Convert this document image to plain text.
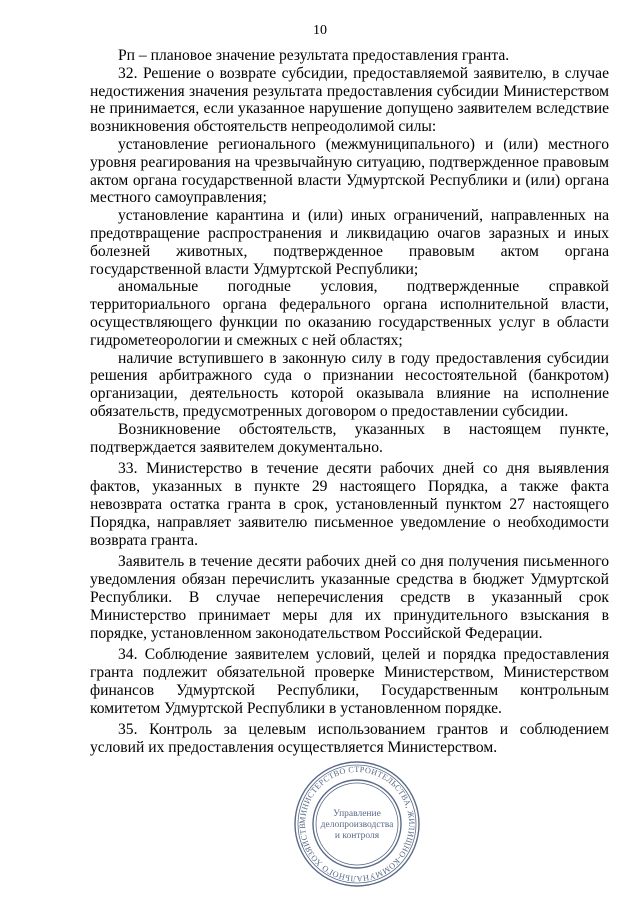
10

Pп – плановое значение результата предоставления гранта.

32. Решение о возврате субсидии, предоставляемой заявителю, в случае недостижения значения результата предоставления субсидии Министерством не принимается, если указанное нарушение допущено заявителем вследствие возникновения обстоятельств непреодолимой силы:

установление регионального (межмуниципального) и (или) местного уровня реагирования на чрезвычайную ситуацию, подтвержденное правовым актом органа государственной власти Удмуртской Республики и (или) органа местного самоуправления;

установление карантина и (или) иных ограничений, направленных на предотвращение распространения и ликвидацию очагов заразных и иных болезней животных, подтвержденное правовым актом органа государственной власти Удмуртской Республики;

аномальные погодные условия, подтвержденные справкой территориального органа федерального органа исполнительной власти, осуществляющего функции по оказанию государственных услуг в области гидрометеорологии и смежных с ней областях;

наличие вступившего в законную силу в году предоставления субсидии решения арбитражного суда о признании несостоятельной (банкротом) организации, деятельность которой оказывала влияние на исполнение обязательств, предусмотренных договором о предоставлении субсидии.

Возникновение обстоятельств, указанных в настоящем пункте, подтверждается заявителем документально.

33. Министерство в течение десяти рабочих дней со дня выявления фактов, указанных в пункте 29 настоящего Порядка, а также факта невозврата остатка гранта в срок, установленный пунктом 27 настоящего Порядка, направляет заявителю письменное уведомление о необходимости возврата гранта.

Заявитель в течение десяти рабочих дней со дня получения письменного уведомления обязан перечислить указанные средства в бюджет Удмуртской Республики. В случае неперечисления средств в указанный срок Министерство принимает меры для их принудительного взыскания в порядке, установленном законодательством Российской Федерации.

34. Соблюдение заявителем условий, целей и порядка предоставления гранта подлежит обязательной проверке Министерством, Министерством финансов Удмуртской Республики, Государственным контрольным комитетом Удмуртской Республики в установленном порядке.

35. Контроль за целевым использованием грантов и соблюдением условий их предоставления осуществляется Министерством.

МИНИСТЕРСТВО СТРОИТЕЛЬСТВА, ЖИЛИЩНО-КОММУНАЛЬНОГО ХОЗЯЙСТВ
Управление
делопроизводства
и контроля
